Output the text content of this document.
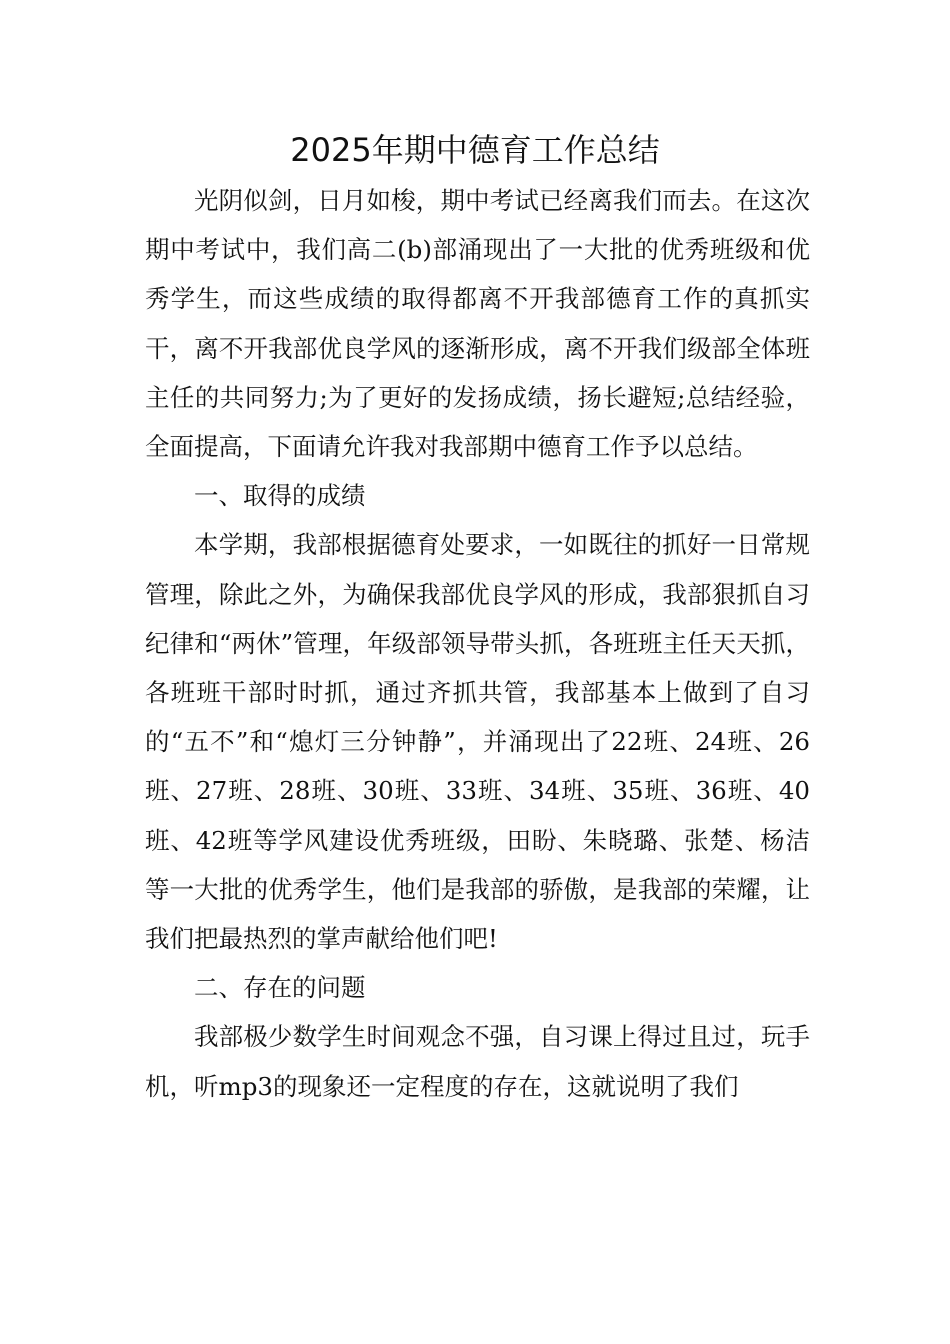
2025年期中德育工作总结

光阴似剑，日月如梭，期中考试已经离我们而去。在这次期中考试中，我们高二(b)部涌现出了一大批的优秀班级和优秀学生，而这些成绩的取得都离不开我部德育工作的真抓实干，离不开我部优良学风的逐渐形成，离不开我们级部全体班主任的共同努力;为了更好的发扬成绩，扬长避短;总结经验，全面提高，下面请允许我对我部期中德育工作予以总结。

一、取得的成绩

本学期，我部根据德育处要求，一如既往的抓好一日常规管理，除此之外，为确保我部优良学风的形成，我部狠抓自习纪律和“两休”管理，年级部领导带头抓，各班班主任天天抓，各班班干部时时抓，通过齐抓共管，我部基本上做到了自习的“五不”和“熄灯三分钟静”，并涌现出了22班、24班、26班、27班、28班、30班、33班、34班、35班、36班、40班、42班等学风建设优秀班级，田盼、朱晓璐、张楚、杨洁等一大批的优秀学生，他们是我部的骄傲，是我部的荣耀，让我们把最热烈的掌声献给他们吧!

二、存在的问题

我部极少数学生时间观念不强，自习课上得过且过，玩手机，听mp3的现象还一定程度的存在，这就说明了我们
